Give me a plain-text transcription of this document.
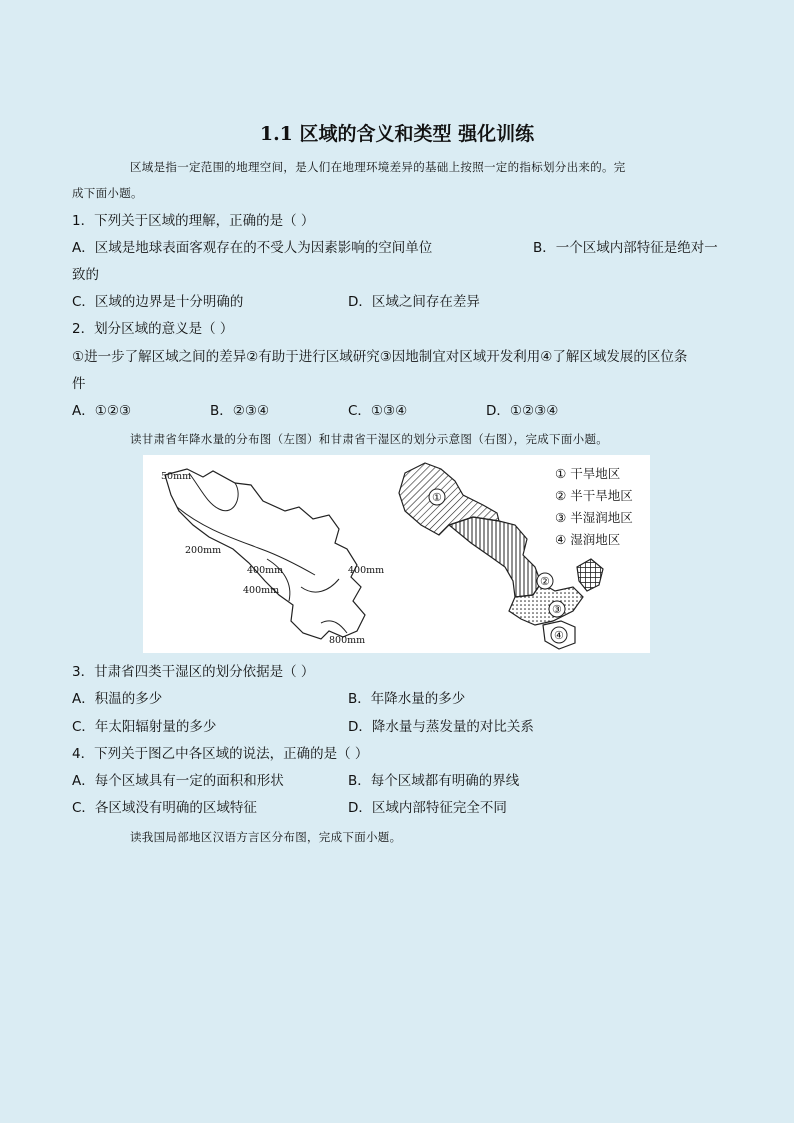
1.1 区域的含义和类型 强化训练
区域是指一定范围的地理空间，是人们在地理环境差异的基础上按照一定的指标划分出来的。完
成下面小题。
1．下列关于区域的理解，正确的是（ ）
A．区域是地球表面客观存在的不受人为因素影响的空间单位	B．一个区域内部特征是绝对一
致的
C．区域的边界是十分明确的	D．区域之间存在差异
2．划分区域的意义是（ ）
①进一步了解区域之间的差异②有助于进行区域研究③因地制宜对区域开发利用④了解区域发展的区位条
件
A．①②③	B．②③④	C．①③④	D．①②③④
读甘肃省年降水量的分布图（左图）和甘肃省干湿区的划分示意图（右图），完成下面小题。
50mm
200mm
400mm
400mm
400mm
800mm
①
②
③
④
① 干旱地区
② 半干旱地区
③ 半湿润地区
④ 湿润地区
3．甘肃省四类干湿区的划分依据是（ ）
A．积温的多少	B．年降水量的多少
C．年太阳辐射量的多少	D．降水量与蒸发量的对比关系
4．下列关于图乙中各区域的说法，正确的是（ ）
A．每个区域具有一定的面积和形状	B．每个区域都有明确的界线
C．各区域没有明确的区域特征	D．区域内部特征完全不同
读我国局部地区汉语方言区分布图，完成下面小题。
